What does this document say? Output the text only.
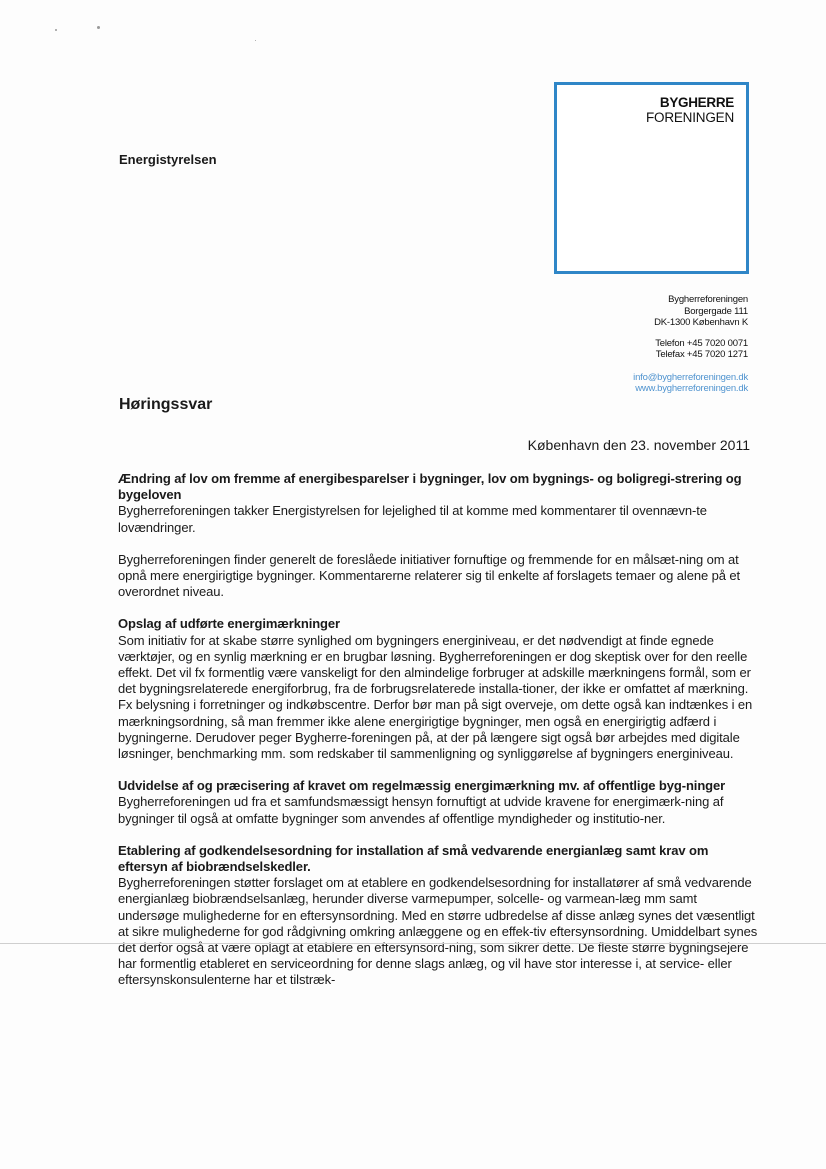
BYGHERRE
FORENINGEN
Energistyrelsen
Bygherreforeningen
Borgergade 111
DK-1300 København K
Telefon +45 7020 0071
Telefax +45 7020 1271
info@bygherreforeningen.dk
www.bygherreforeningen.dk
Høringssvar
København den 23. november 2011
Ændring af lov om fremme af energibesparelser i bygninger, lov om bygnings- og boligregi-strering og bygeloven

Bygherreforeningen takker Energistyrelsen for lejelighed til at komme med kommentarer til ovennævn-te lovændringer.

Bygherreforeningen finder generelt de foreslåede initiativer fornuftige og fremmende for en målsæt-ning om at opnå mere energirigtige bygninger. Kommentarerne relaterer sig til enkelte af forslagets temaer og alene på et overordnet niveau.

Opslag af udførte energimærkninger

Som initiativ for at skabe større synlighed om bygningers energiniveau, er det nødvendigt at finde egnede værktøjer, og en synlig mærkning er en brugbar løsning. Bygherreforeningen er dog skeptisk over for den reelle effekt. Det vil fx formentlig være vanskeligt for den almindelige forbruger at adskille mærkningens formål, som er det bygningsrelaterede energiforbrug, fra de forbrugsrelaterede installa-tioner, der ikke er omfattet af mærkning. Fx belysning i forretninger og indkøbscentre. Derfor bør man på sigt overveje, om dette også kan indtænkes i en mærkningsordning, så man fremmer ikke alene energirigtige bygninger, men også en energirigtig adfærd i bygningerne. Derudover peger Bygherre-foreningen på, at der på længere sigt også bør arbejdes med digitale løsninger, benchmarking mm. som redskaber til sammenligning og synliggørelse af bygningers energiniveau.

Udvidelse af og præcisering af kravet om regelmæssig energimærkning mv. af offentlige byg-ninger

Bygherreforeningen ud fra et samfundsmæssigt hensyn fornuftigt at udvide kravene for energimærk-ning af bygninger til også at omfatte bygninger som anvendes af offentlige myndigheder og institutio-ner.

Etablering af godkendelsesordning for installation af små vedvarende energianlæg samt krav om eftersyn af biobrændselskedler.

Bygherreforeningen støtter forslaget om at etablere en godkendelsesordning for installatører af små vedvarende energianlæg biobrændselsanlæg, herunder diverse varmepumper, solcelle- og varmean-læg mm samt undersøge mulighederne for en eftersynsordning. Med en større udbredelse af disse anlæg synes det væsentligt at sikre mulighederne for god rådgivning omkring anlæggene og en effek-tiv eftersynsordning. Umiddelbart synes det derfor også at være oplagt at etablere en eftersynsord-ning, som sikrer dette. De fleste større bygningsejere har formentlig etableret en serviceordning for denne slags anlæg, og vil have stor interesse i, at service- eller eftersynskonsulenterne har et tilstræk-
